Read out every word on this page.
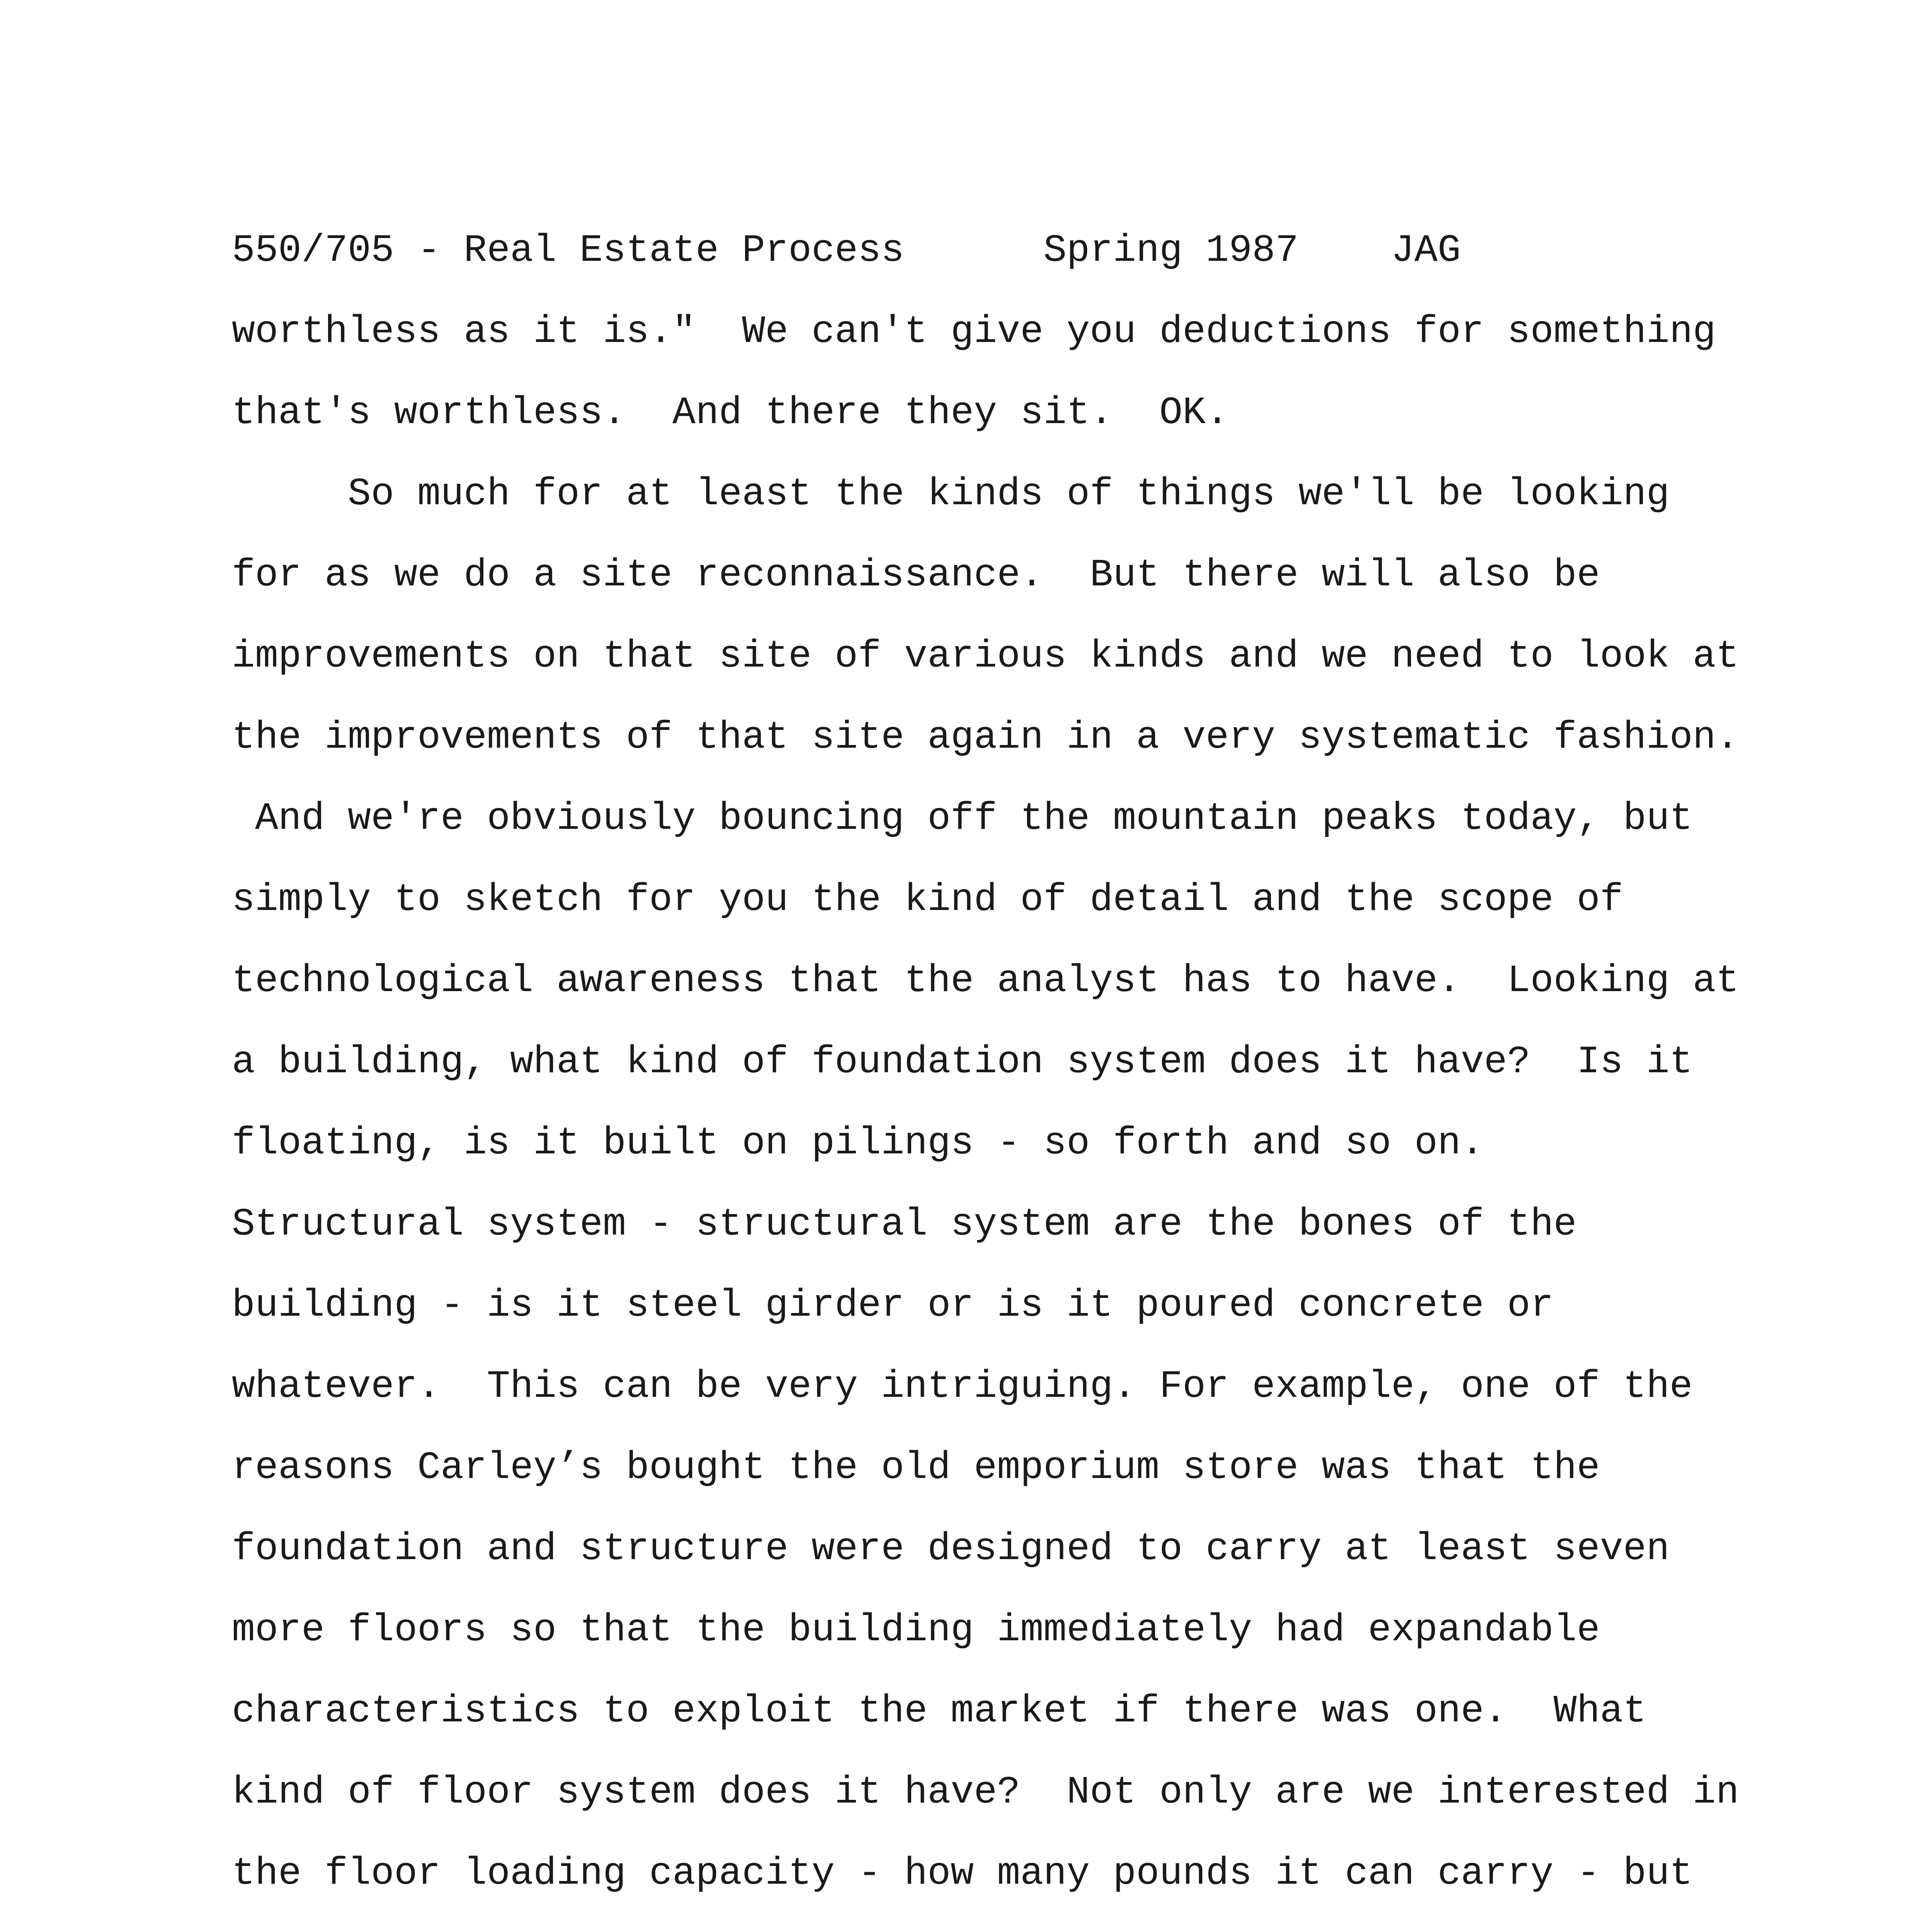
550/705 - Real Estate Process      Spring 1987    JAG

worthless as it is."  We can't give you deductions for something

that's worthless.  And there they sit.  OK.

So much for at least the kinds of things we'll be looking

for as we do a site reconnaissance.  But there will also be

improvements on that site of various kinds and we need to look at

the improvements of that site again in a very systematic fashion.

And we're obviously bouncing off the mountain peaks today, but

simply to sketch for you the kind of detail and the scope of

technological awareness that the analyst has to have.  Looking at

a building, what kind of foundation system does it have?  Is it

floating, is it built on pilings - so forth and so on.

Structural system - structural system are the bones of the

building - is it steel girder or is it poured concrete or

whatever.  This can be very intriguing. For example, one of the

reasons Carley’s bought the old emporium store was that the

foundation and structure were designed to carry at least seven

more floors so that the building immediately had expandable

characteristics to exploit the market if there was one.  What

kind of floor system does it have?  Not only are we interested in

the floor loading capacity - how many pounds it can carry - but
